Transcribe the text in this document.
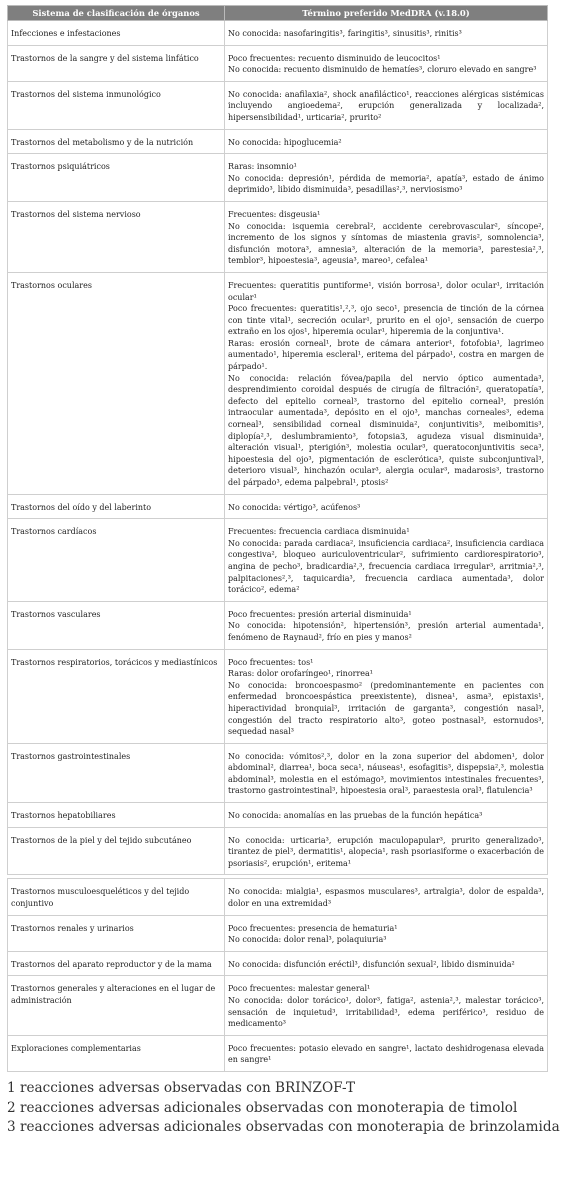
Sistema de clasificación de órganos	Término preferido MedDRA (v.18.0)
Infecciones e infestaciones	No conocida: nasofaringitis³, faringitis³, sinusitis³, rinitis³

Trastornos de la sangre y del sistema linfático	Poco frecuentes: recuento disminuido de leucocitos¹
No conocida: recuento disminuido de hematíes³, cloruro elevado en sangre³

Trastornos del sistema inmunológico	No conocida: anafilaxia², shock anafiláctico¹, reacciones alérgicas sistémicas incluyendo angioedema², erupción generalizada y localizada², hipersensibilidad¹, urticaria², prurito²

Trastornos del metabolismo y de la nutrición	No conocida: hipoglucemia²

Trastornos psiquiátricos	Raras: insomnio¹
No conocida: depresión¹, pérdida de memoria², apatía³, estado de ánimo deprimido³, libido disminuida³, pesadillas²,³, nerviosismo³

Trastornos del sistema nervioso	Frecuentes: disgeusia¹
No conocida: isquemia cerebral², accidente cerebrovascular², síncope², incremento de los signos y síntomas de miastenia gravis², somnolencia³, disfunción motora³, amnesia³, alteración de la memoria³, parestesia²,³, temblor³, hipoestesia³, ageusia³, mareo¹, cefalea¹

Trastornos oculares	Frecuentes: queratitis puntiforme¹, visión borrosa¹, dolor ocular¹, irritación ocular¹
Poco frecuentes: queratitis¹,²,³, ojo seco¹, presencia de tinción de la córnea con tinte vital¹, secreción ocular¹, prurito en el ojo¹, sensación de cuerpo extraño en los ojos¹, hiperemia ocular¹, hiperemia de la conjuntiva¹.
Raras: erosión corneal¹, brote de cámara anterior¹, fotofobia¹, lagrimeo aumentado¹, hiperemia escleral¹, eritema del párpado¹, costra en margen de párpado¹.
No conocida: relación fóvea/papila del nervio óptico aumentada³, desprendimiento coroidal después de cirugía de filtración², queratopatía³, defecto del epitelio corneal³, trastorno del epitelio corneal³, presión intraocular aumentada³, depósito en el ojo³, manchas corneales³, edema corneal³, sensibilidad corneal disminuida², conjuntivitis³, meibomitis³, diplopía²,³, deslumbramiento³, fotopsia3, agudeza visual disminuida³, alteración visual¹, pterigión³, molestia ocular³, queratoconjuntivitis seca³, hipoestesia del ojo³, pigmentación de esclerótica³, quiste subconjuntival³, deterioro visual³, hinchazón ocular³, alergia ocular³, madarosis³, trastorno del párpado³, edema palpebral¹, ptosis²

Trastornos del oído y del laberinto	No conocida: vértigo³, acúfenos³

Trastornos cardíacos	Frecuentes: frecuencia cardiaca disminuida¹
No conocida: parada cardiaca², insuficiencia cardiaca², insuficiencia cardiaca congestiva², bloqueo auriculoventricular², sufrimiento cardiorespiratorio³, angina de pecho³, bradicardia²,³, frecuencia cardiaca irregular³, arritmia²,³, palpitaciones²,³, taquicardia³, frecuencia cardiaca aumentada³, dolor torácico², edema²

Trastornos vasculares	Poco frecuentes: presión arterial disminuida¹
No conocida: hipotensión², hipertensión³, presión arterial aumentada¹, fenómeno de Raynaud², frío en pies y manos²

Trastornos respiratorios, torácicos y mediastínicos	Poco frecuentes: tos¹
Raras: dolor orofaríngeo¹, rinorrea¹
No conocida: broncoespasmo² (predominantemente en pacientes con enfermedad broncoespástica preexistente), disnea¹, asma³, epistaxis¹, hiperactividad bronquial³, irritación de garganta³, congestión nasal³, congestión del tracto respiratorio alto³, goteo postnasal³, estornudos³, sequedad nasal³

Trastornos gastrointestinales	No conocida: vómitos²,³, dolor en la zona superior del abdomen¹, dolor abdominal², diarrea¹, boca seca¹, náuseas¹, esofagitis³, dispepsia²,³, molestia abdominal³, molestia en el estómago³, movimientos intestinales frecuentes³, trastorno gastrointestinal³, hipoestesia oral³, paraestesia oral³, flatulencia³

Trastornos hepatobiliares	No conocida: anomalías en las pruebas de la función hepática³

Trastornos de la piel y del tejido subcutáneo	No conocida: urticaria³, erupción maculopapular³, prurito generalizado³, tirantez de piel³, dermatitis¹, alopecia¹, rash psoriasiforme o exacerbación de psoriasis², erupción¹, eritema¹

Trastornos musculoesqueléticos y del tejido conjuntivo	No conocida: mialgia¹, espasmos musculares³, artralgia³, dolor de espalda³, dolor en una extremidad³

Trastornos renales y urinarios	Poco frecuentes: presencia de hematuria¹
No conocida: dolor renal³, polaquiuria³

Trastornos del aparato reproductor y de la mama	No conocida: disfunción eréctil³, disfunción sexual², libido disminuida²

Trastornos generales y alteraciones en el lugar de administración	Poco frecuentes: malestar general¹
No conocida: dolor torácico¹, dolor³, fatiga², astenia²,³, malestar torácico³, sensación de inquietud³, irritabilidad³, edema periférico³, residuo de medicamento³

Exploraciones complementarias	Poco frecuentes: potasio elevado en sangre¹, lactato deshidrogenasa elevada en sangre¹
1 reacciones adversas observadas con BRINZOF-T
2 reacciones adversas adicionales observadas con monoterapia de timolol
3 reacciones adversas adicionales observadas con monoterapia de brinzolamida
